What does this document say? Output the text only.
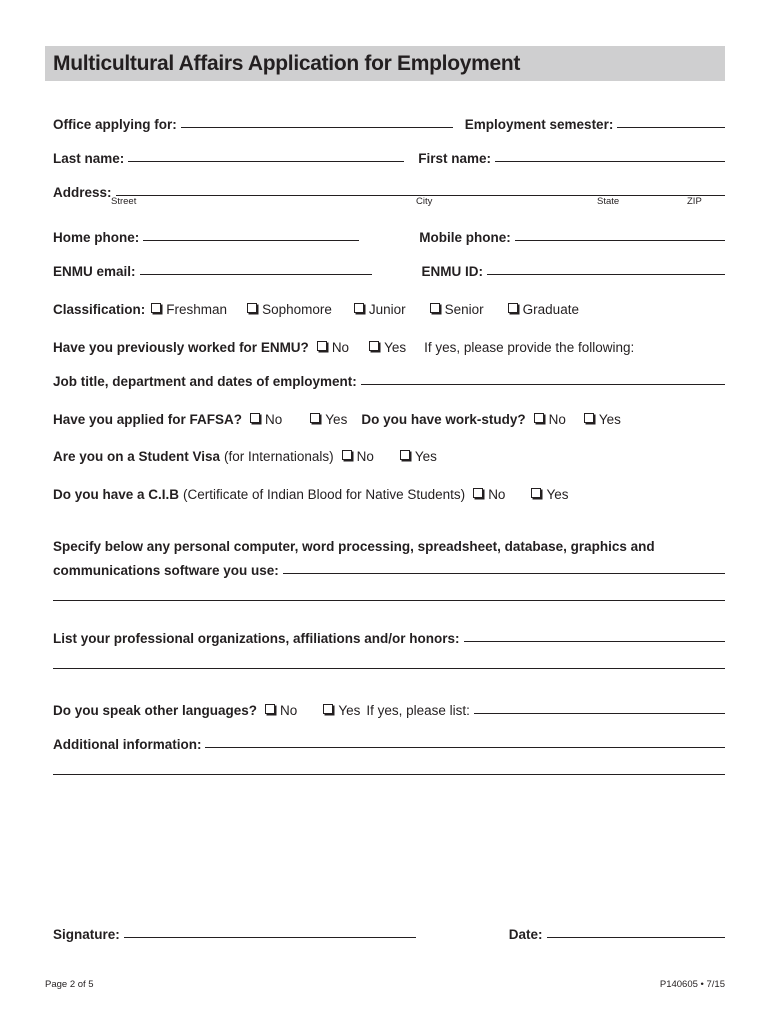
Multicultural Affairs Application for Employment
Office applying for:	Employment semester:
Last name:	First name:
Address:
Street	City	State	ZIP
Home phone:	Mobile phone:
ENMU email:	ENMU ID:
Classification: Freshman	Sophomore	Junior	Senior	Graduate
Have you previously worked for ENMU? No	Yes If yes, please provide the following:
Job title, department and dates of employment:
Have you applied for FAFSA? No	Yes Do you have work-study? No Yes
Are you on a Student Visa (for Internationals) No	Yes
Do you have a C.I.B (Certificate of Indian Blood for Native Students) No	Yes
Specify below any personal computer, word processing, spreadsheet, database, graphics and
communications software you use:
List your professional organizations, affiliations and/or honors:
Do you speak other languages? No	Yes If yes, please list:
Additional information:
Signature:	Date:
Page 2 of 5	P140605 • 7/15
